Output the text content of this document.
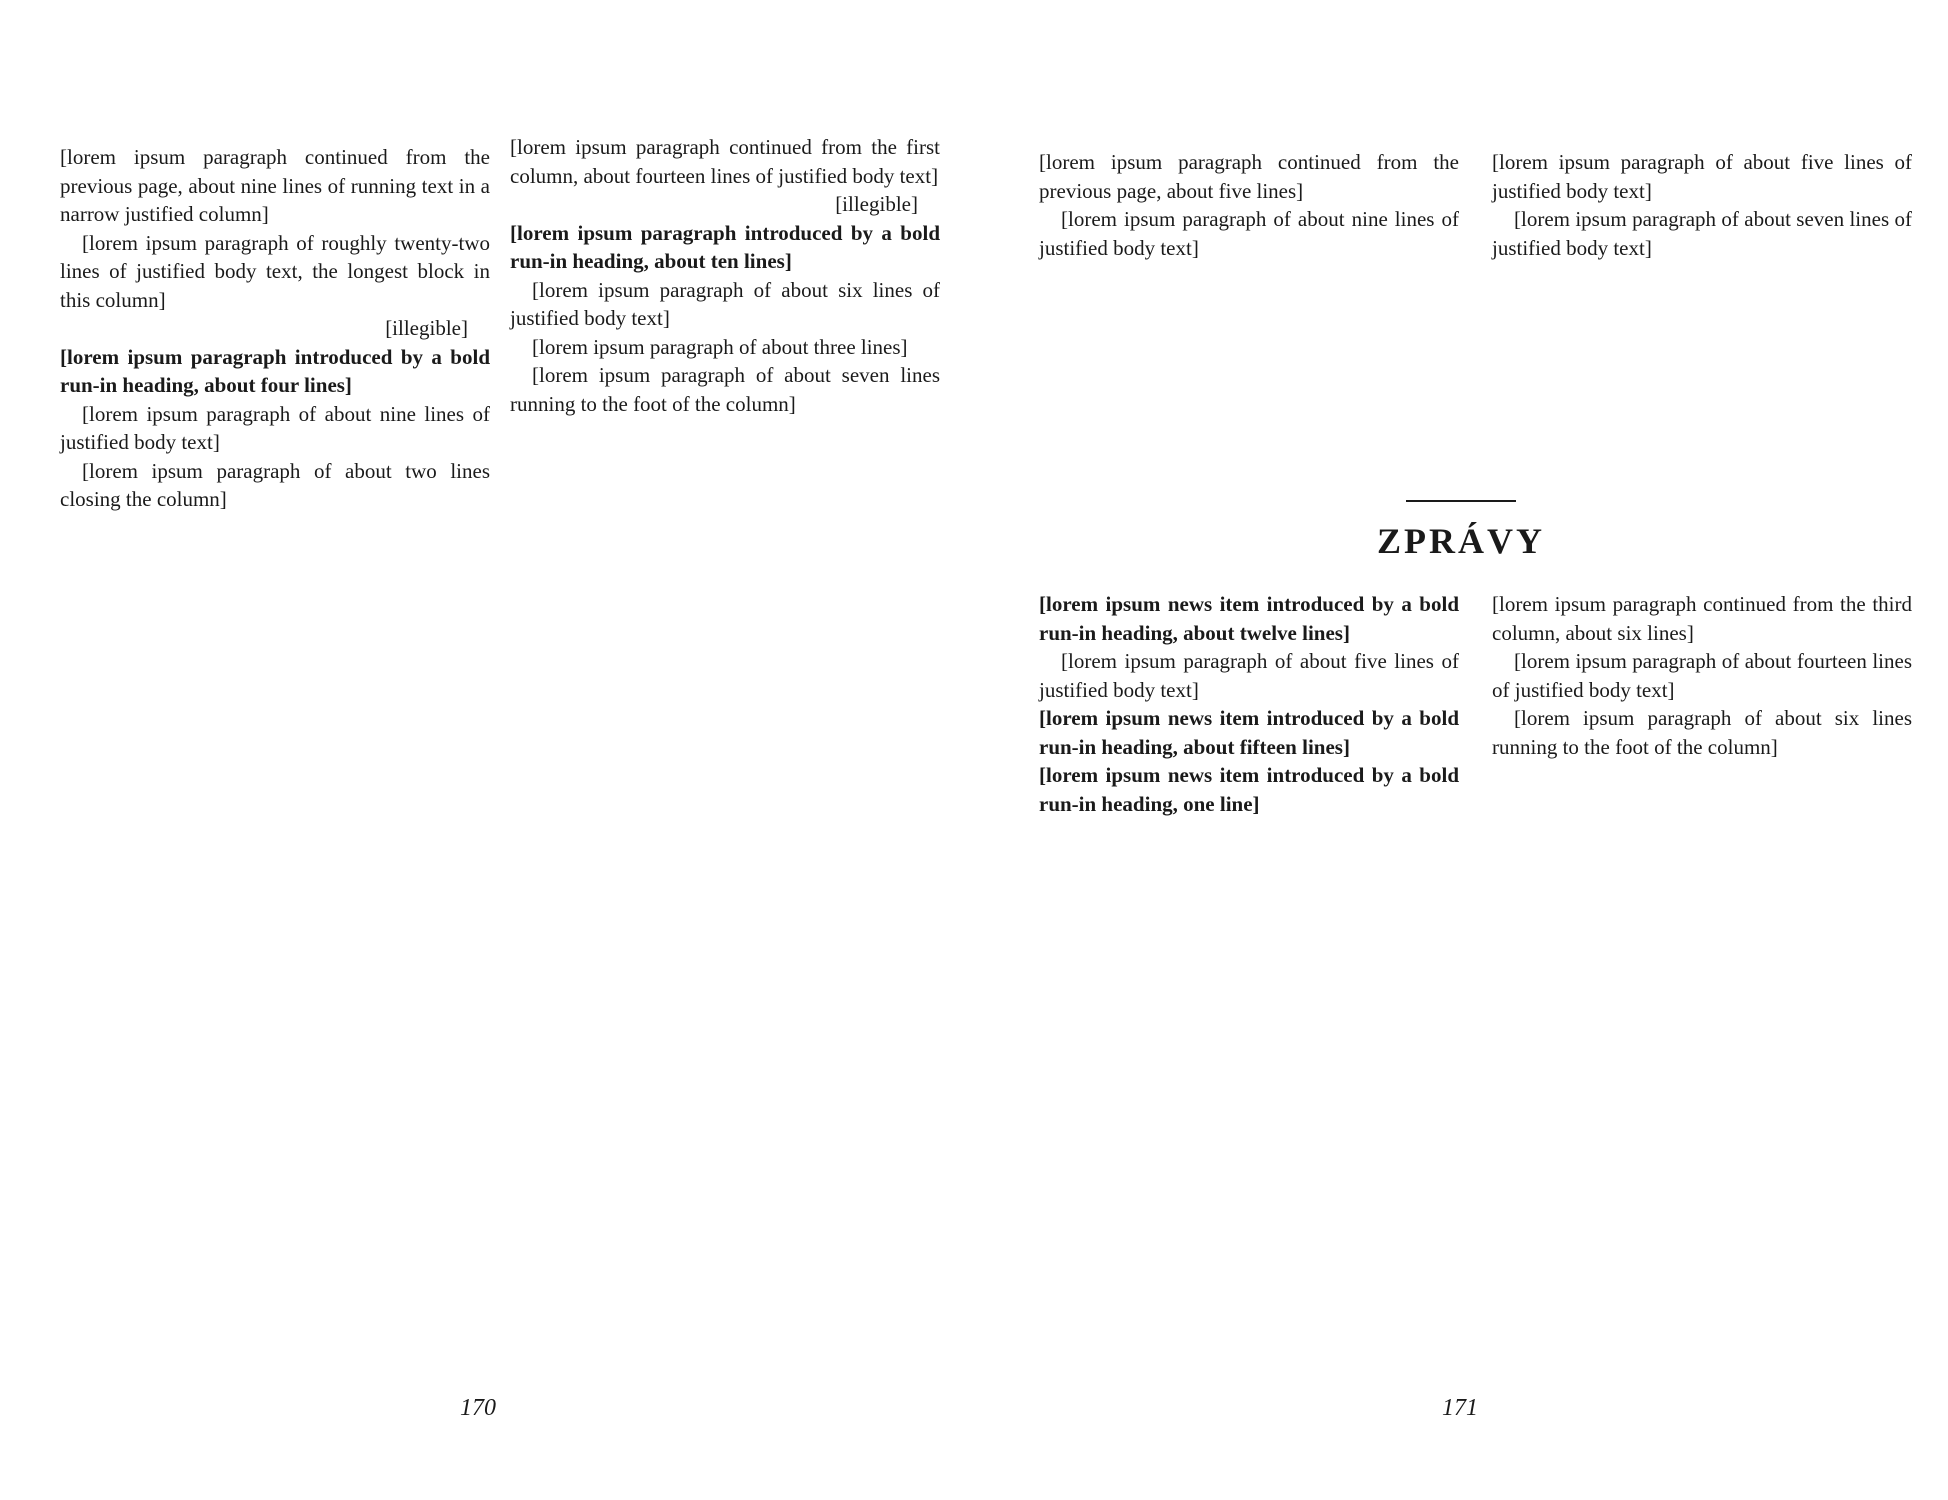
[lorem ipsum paragraph continued from the previous page, about nine lines of running text in a narrow justified column]

[lorem ipsum paragraph of roughly twenty-two lines of justified body text, the longest block in this column]

[illegible]

[lorem ipsum paragraph introduced by a bold run-in heading, about four lines]

[lorem ipsum paragraph of about nine lines of justified body text]

[lorem ipsum paragraph of about two lines closing the column]

[lorem ipsum paragraph continued from the first column, about fourteen lines of justified body text]

[illegible]

[lorem ipsum paragraph introduced by a bold run-in heading, about ten lines]

[lorem ipsum paragraph of about six lines of justified body text]

[lorem ipsum paragraph of about three lines]

[lorem ipsum paragraph of about seven lines running to the foot of the column]

170

[lorem ipsum paragraph continued from the previous page, about five lines]

[lorem ipsum paragraph of about nine lines of justified body text]

[lorem ipsum paragraph of about five lines of justified body text]

[lorem ipsum paragraph of about seven lines of justified body text]

ZPRÁVY

[lorem ipsum news item introduced by a bold run-in heading, about twelve lines]

[lorem ipsum paragraph of about five lines of justified body text]

[lorem ipsum news item introduced by a bold run-in heading, about fifteen lines]

[lorem ipsum news item introduced by a bold run-in heading, one line]

[lorem ipsum paragraph continued from the third column, about six lines]

[lorem ipsum paragraph of about fourteen lines of justified body text]

[lorem ipsum paragraph of about six lines running to the foot of the column]

171
